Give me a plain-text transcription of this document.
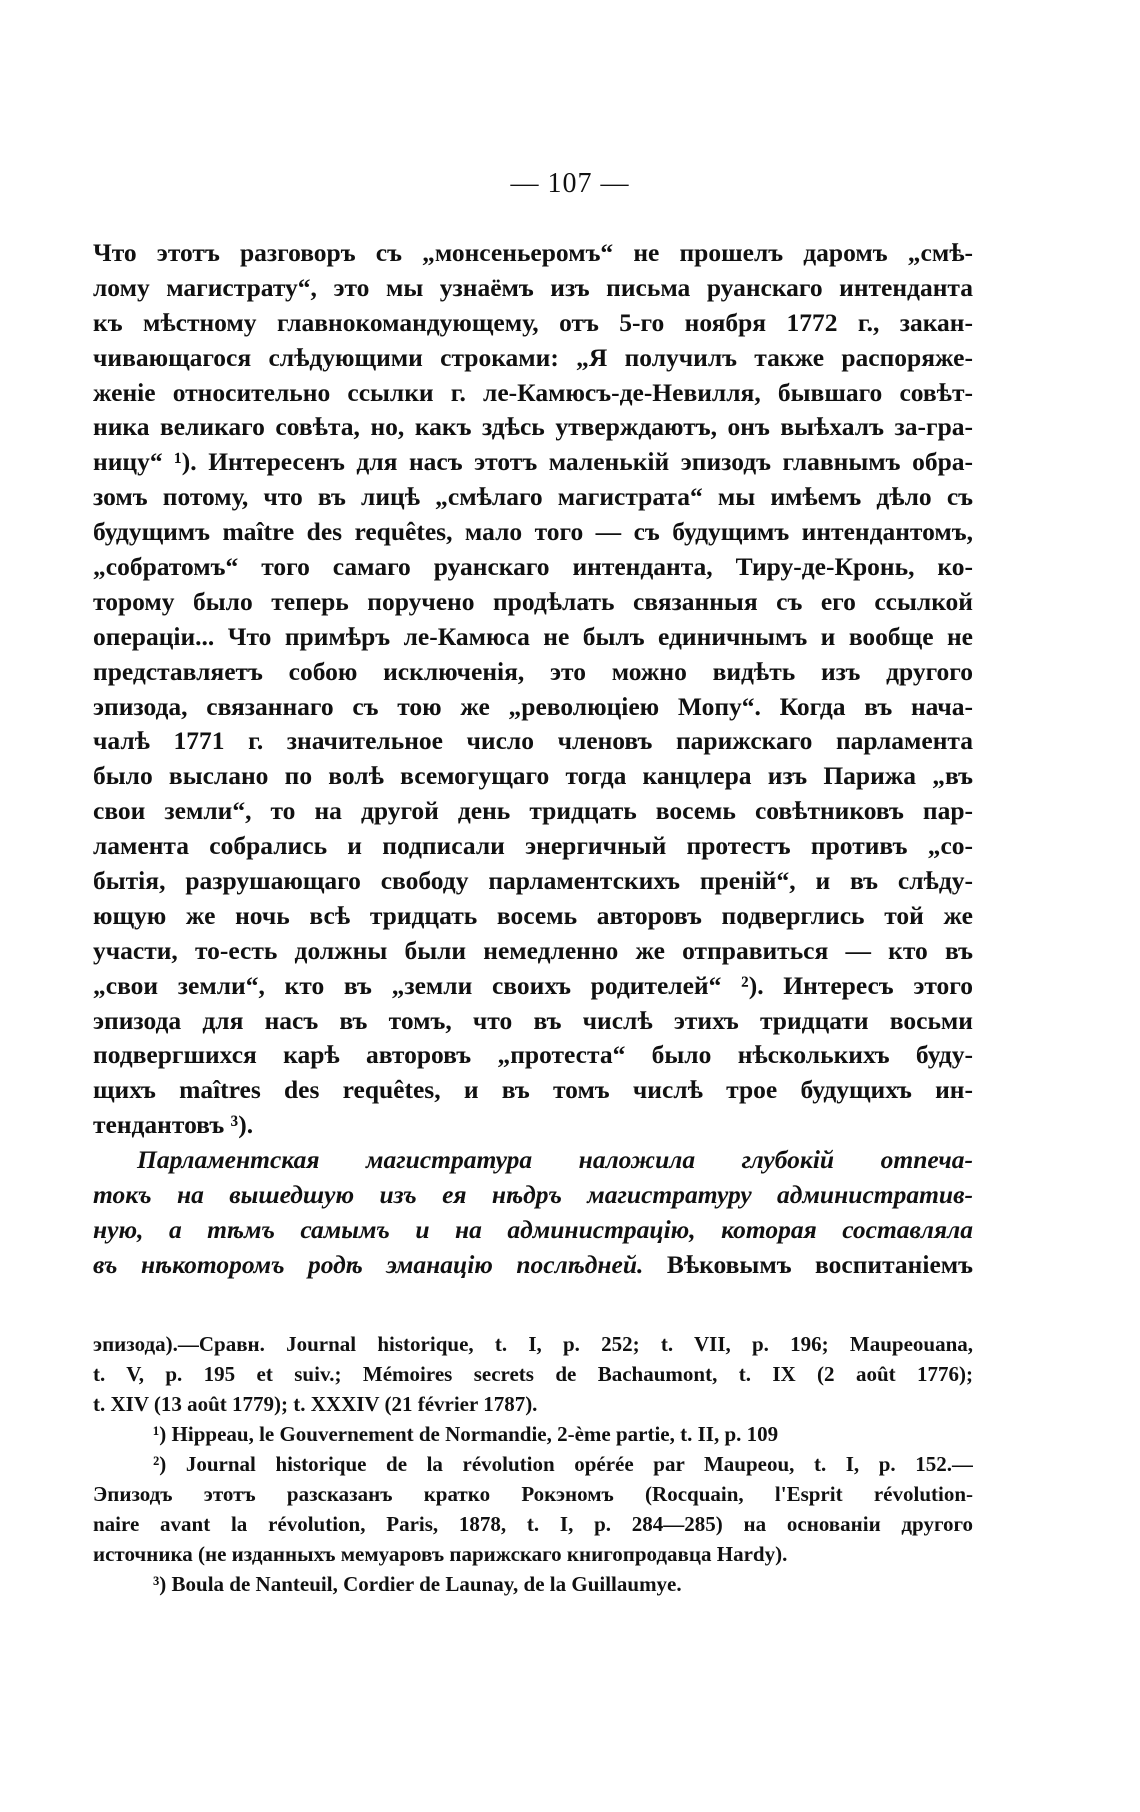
— 107 —
Что этотъ разговоръ съ „монсеньеромъ“ не прошелъ даромъ „смѣ-
лому магистрату“, это мы узнаёмъ изъ письма руанскаго интенданта
къ мѣстному главнокомандующему, отъ 5-го ноября 1772 г., закан-
чивающагося слѣдующими строками: „Я получилъ также распоряже-
женіе относительно ссылки г. ле-Камюсъ-де-Невилля, бывшаго совѣт-
ника великаго совѣта, но, какъ здѣсь утверждаютъ, онъ выѣхалъ за-гра-
ницу“ ¹). Интересенъ для насъ этотъ маленькій эпизодъ главнымъ обра-
зомъ потому, что въ лицѣ „смѣлаго магистрата“ мы имѣемъ дѣло съ
будущимъ maître des requêtes, мало того — съ будущимъ интендантомъ,
„собратомъ“ того самаго руанскаго интенданта, Тиру-де-Кронь, ко-
торому было теперь поручено продѣлать связанныя съ его ссылкой
операціи... Что примѣръ ле-Камюса не былъ единичнымъ и вообще не
представляетъ собою исключенія, это можно видѣть изъ другого
эпизода, связаннаго съ тою же „революціею Мопу“. Когда въ нача-
чалѣ 1771 г. значительное число членовъ парижскаго парламента
было выслано по волѣ всемогущаго тогда канцлера изъ Парижа „въ
свои земли“, то на другой день тридцать восемь совѣтниковъ пар-
ламента собрались и подписали энергичный протестъ противъ „со-
бытія, разрушающаго свободу парламентскихъ преній“, и въ слѣду-
ющую же ночь всѣ тридцать восемь авторовъ подверглись той же
участи, то-есть должны были немедленно же отправиться — кто въ
„свои земли“, кто въ „земли своихъ родителей“ ²). Интересъ этого
эпизода для насъ въ томъ, что въ числѣ этихъ тридцати восьми
подвергшихся карѣ авторовъ „протеста“ было нѣсколькихъ буду-
щихъ maîtres des requêtes, и въ томъ числѣ трое будущихъ ин-
тендантовъ ³).
Парламентская магистратура наложила глубокій отпеча-
токъ на вышедшую изъ ея нѣдръ магистратуру административ-
ную, а тѣмъ самымъ и на администрацію, которая составляла
въ нѣкоторомъ родѣ эманацію послѣдней. Вѣковымъ воспитаніемъ
эпизода).—Сравн. Journal historique, t. I, p. 252; t. VII, p. 196; Maupeouana,
t. V, p. 195 et suiv.; Mémoires secrets de Bachaumont, t. IX (2 août 1776);
t. XIV (13 août 1779); t. XXXIV (21 février 1787).
¹) Hippeau, le Gouvernement de Normandie, 2-ème partie, t. II, p. 109
²) Journal historique de la révolution opérée par Maupeou, t. I, p. 152.—
Эпизодъ этотъ разсказанъ кратко Рокэномъ (Rocquain, l'Esprit révolution-
naire avant la révolution, Paris, 1878, t. I, p. 284—285) на основаніи другого
источника (не изданныхъ мемуаровъ парижскаго книгопродавца Hardy).
³) Boula de Nanteuil, Cordier de Launay, de la Guillaumye.
